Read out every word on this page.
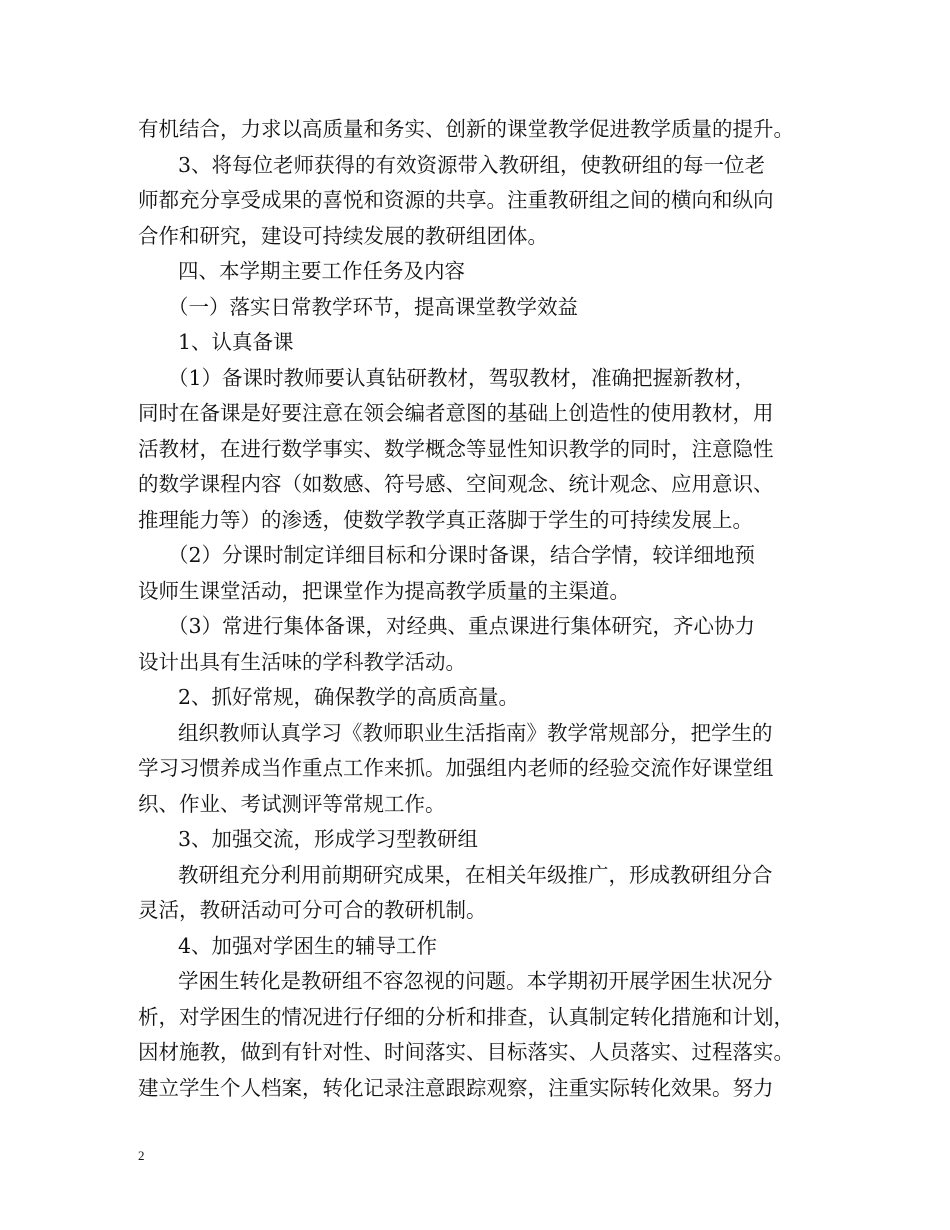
有机结合，力求以高质量和务实、创新的课堂教学促进教学质量的提升。
3、将每位老师获得的有效资源带入教研组，使教研组的每一位老
师都充分享受成果的喜悦和资源的共享。注重教研组之间的横向和纵向
合作和研究，建设可持续发展的教研组团体。
四、本学期主要工作任务及内容
（一）落实日常教学环节，提高课堂教学效益
1、认真备课
（1）备课时教师要认真钻研教材，驾驭教材，准确把握新教材，
同时在备课是好要注意在领会编者意图的基础上创造性的使用教材，用
活教材，在进行数学事实、数学概念等显性知识教学的同时，注意隐性
的数学课程内容（如数感、符号感、空间观念、统计观念、应用意识、
推理能力等）的渗透，使数学教学真正落脚于学生的可持续发展上。
（2）分课时制定详细目标和分课时备课，结合学情，较详细地预
设师生课堂活动，把课堂作为提高教学质量的主渠道。
（3）常进行集体备课，对经典、重点课进行集体研究，齐心协力
设计出具有生活味的学科教学活动。
2、抓好常规，确保教学的高质高量。
组织教师认真学习《教师职业生活指南》教学常规部分，把学生的
学习习惯养成当作重点工作来抓。加强组内老师的经验交流作好课堂组
织、作业、考试测评等常规工作。
3、加强交流，形成学习型教研组
教研组充分利用前期研究成果，在相关年级推广，形成教研组分合
灵活，教研活动可分可合的教研机制。
4、加强对学困生的辅导工作
学困生转化是教研组不容忽视的问题。本学期初开展学困生状况分
析，对学困生的情况进行仔细的分析和排查，认真制定转化措施和计划，
因材施教，做到有针对性、时间落实、目标落实、人员落实、过程落实。
建立学生个人档案，转化记录注意跟踪观察，注重实际转化效果。努力
2
